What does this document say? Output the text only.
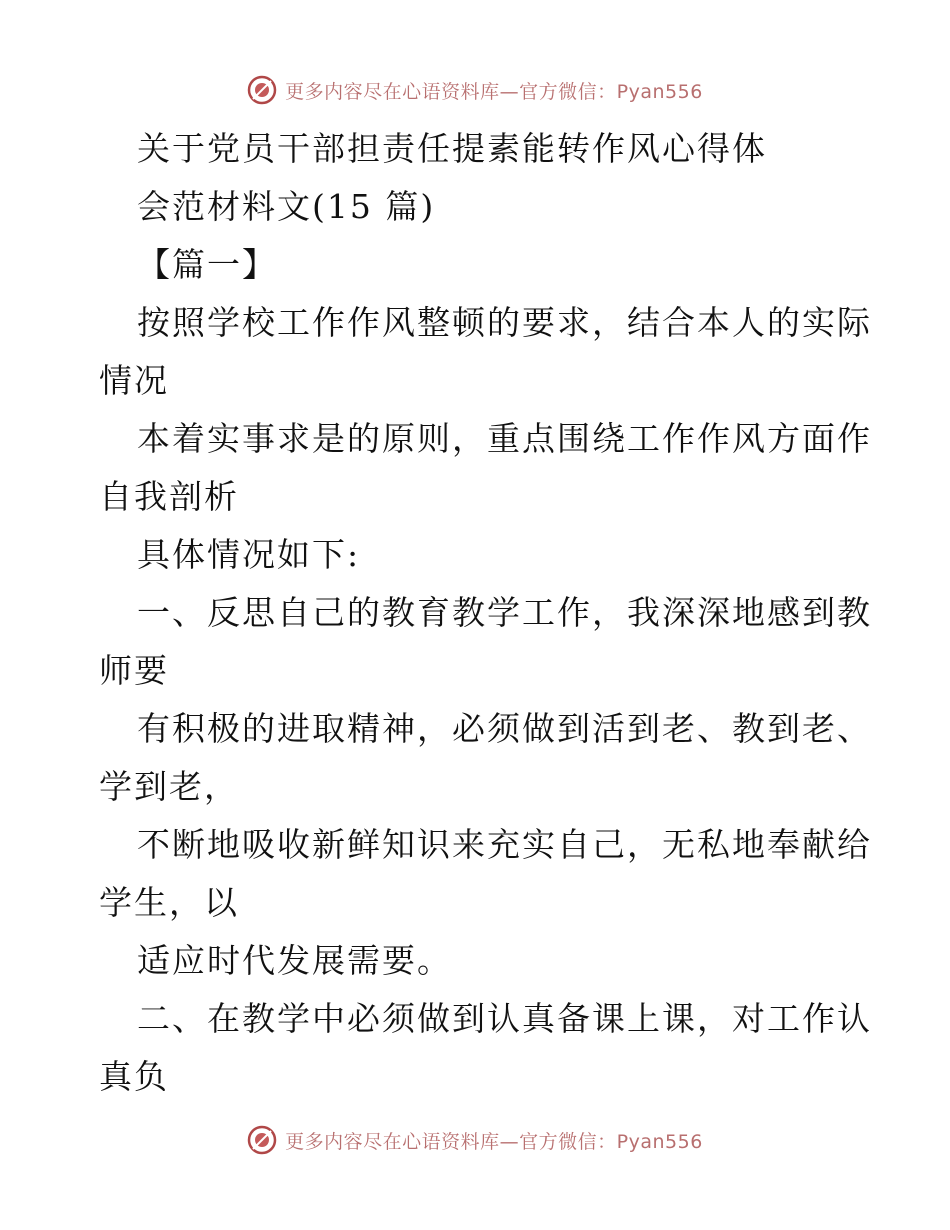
更多内容尽在心语资料库—官方微信：Pyan556
关于党员干部担责任提素能转作风心得体
会范材料文(15 篇)
【篇一】
按照学校工作作风整顿的要求，结合本人的实际
情况
本着实事求是的原则，重点围绕工作作风方面作
自我剖析
具体情况如下:
一、反思自己的教育教学工作，我深深地感到教
师要
有积极的进取精神，必须做到活到老、教到老、
学到老，
不断地吸收新鲜知识来充实自己，无私地奉献给
学生，以
适应时代发展需要。
二、在教学中必须做到认真备课上课，对工作认
真负
更多内容尽在心语资料库—官方微信：Pyan556
